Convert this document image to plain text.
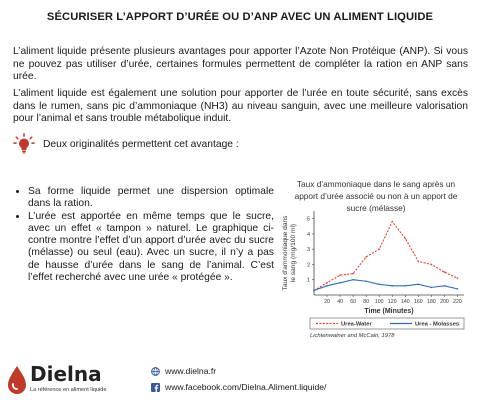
SÉCURISER L’APPORT D’URÉE OU D’ANP AVEC UN ALIMENT LIQUIDE

L’aliment liquide présente plusieurs avantages pour apporter l’Azote Non Protéique (ANP). Si vous ne pouvez pas utiliser d’urée, certaines formules permettent de compléter la ration en ANP sans urée.

L’aliment liquide est également une solution pour apporter de l’urée en toute sécurité, sans excès dans le rumen, sans pic d’ammoniaque (NH3) au niveau sanguin, avec une meilleure valorisation pour l’animal et sans trouble métabolique induit.

Deux originalités permettent cet avantage :
• Sa forme liquide permet une dispersion optimale dans la ration.
• L’urée est apportée en même temps que le sucre, avec un effet « tampon » naturel. Le graphique ci-contre montre l’effet d’un apport d’urée avec du sucre (mélasse) ou seul (eau). Avec un sucre, il n’y a pas de hausse d’urée dans le sang de l’animal. C’est l’effet recherché avec une urée « protégée ».
Taux d’ammoniaque dans le sang après un apport d’urée associé ou non à un apport de sucre (mélasse)
1
2
3
4
5
20 40 60 80 100 120 140 160 180 200 220
Time (Minutes)
Taux d'ammoniaque dansle sang (mg/100 ml)
Urea-Water	Urea - Molasses
Lichtenwalner and McCain, 1978
Dielna
La référence en aliment liquide
www.dielna.fr
www.facebook.com/Dielna.Aliment.liquide/
